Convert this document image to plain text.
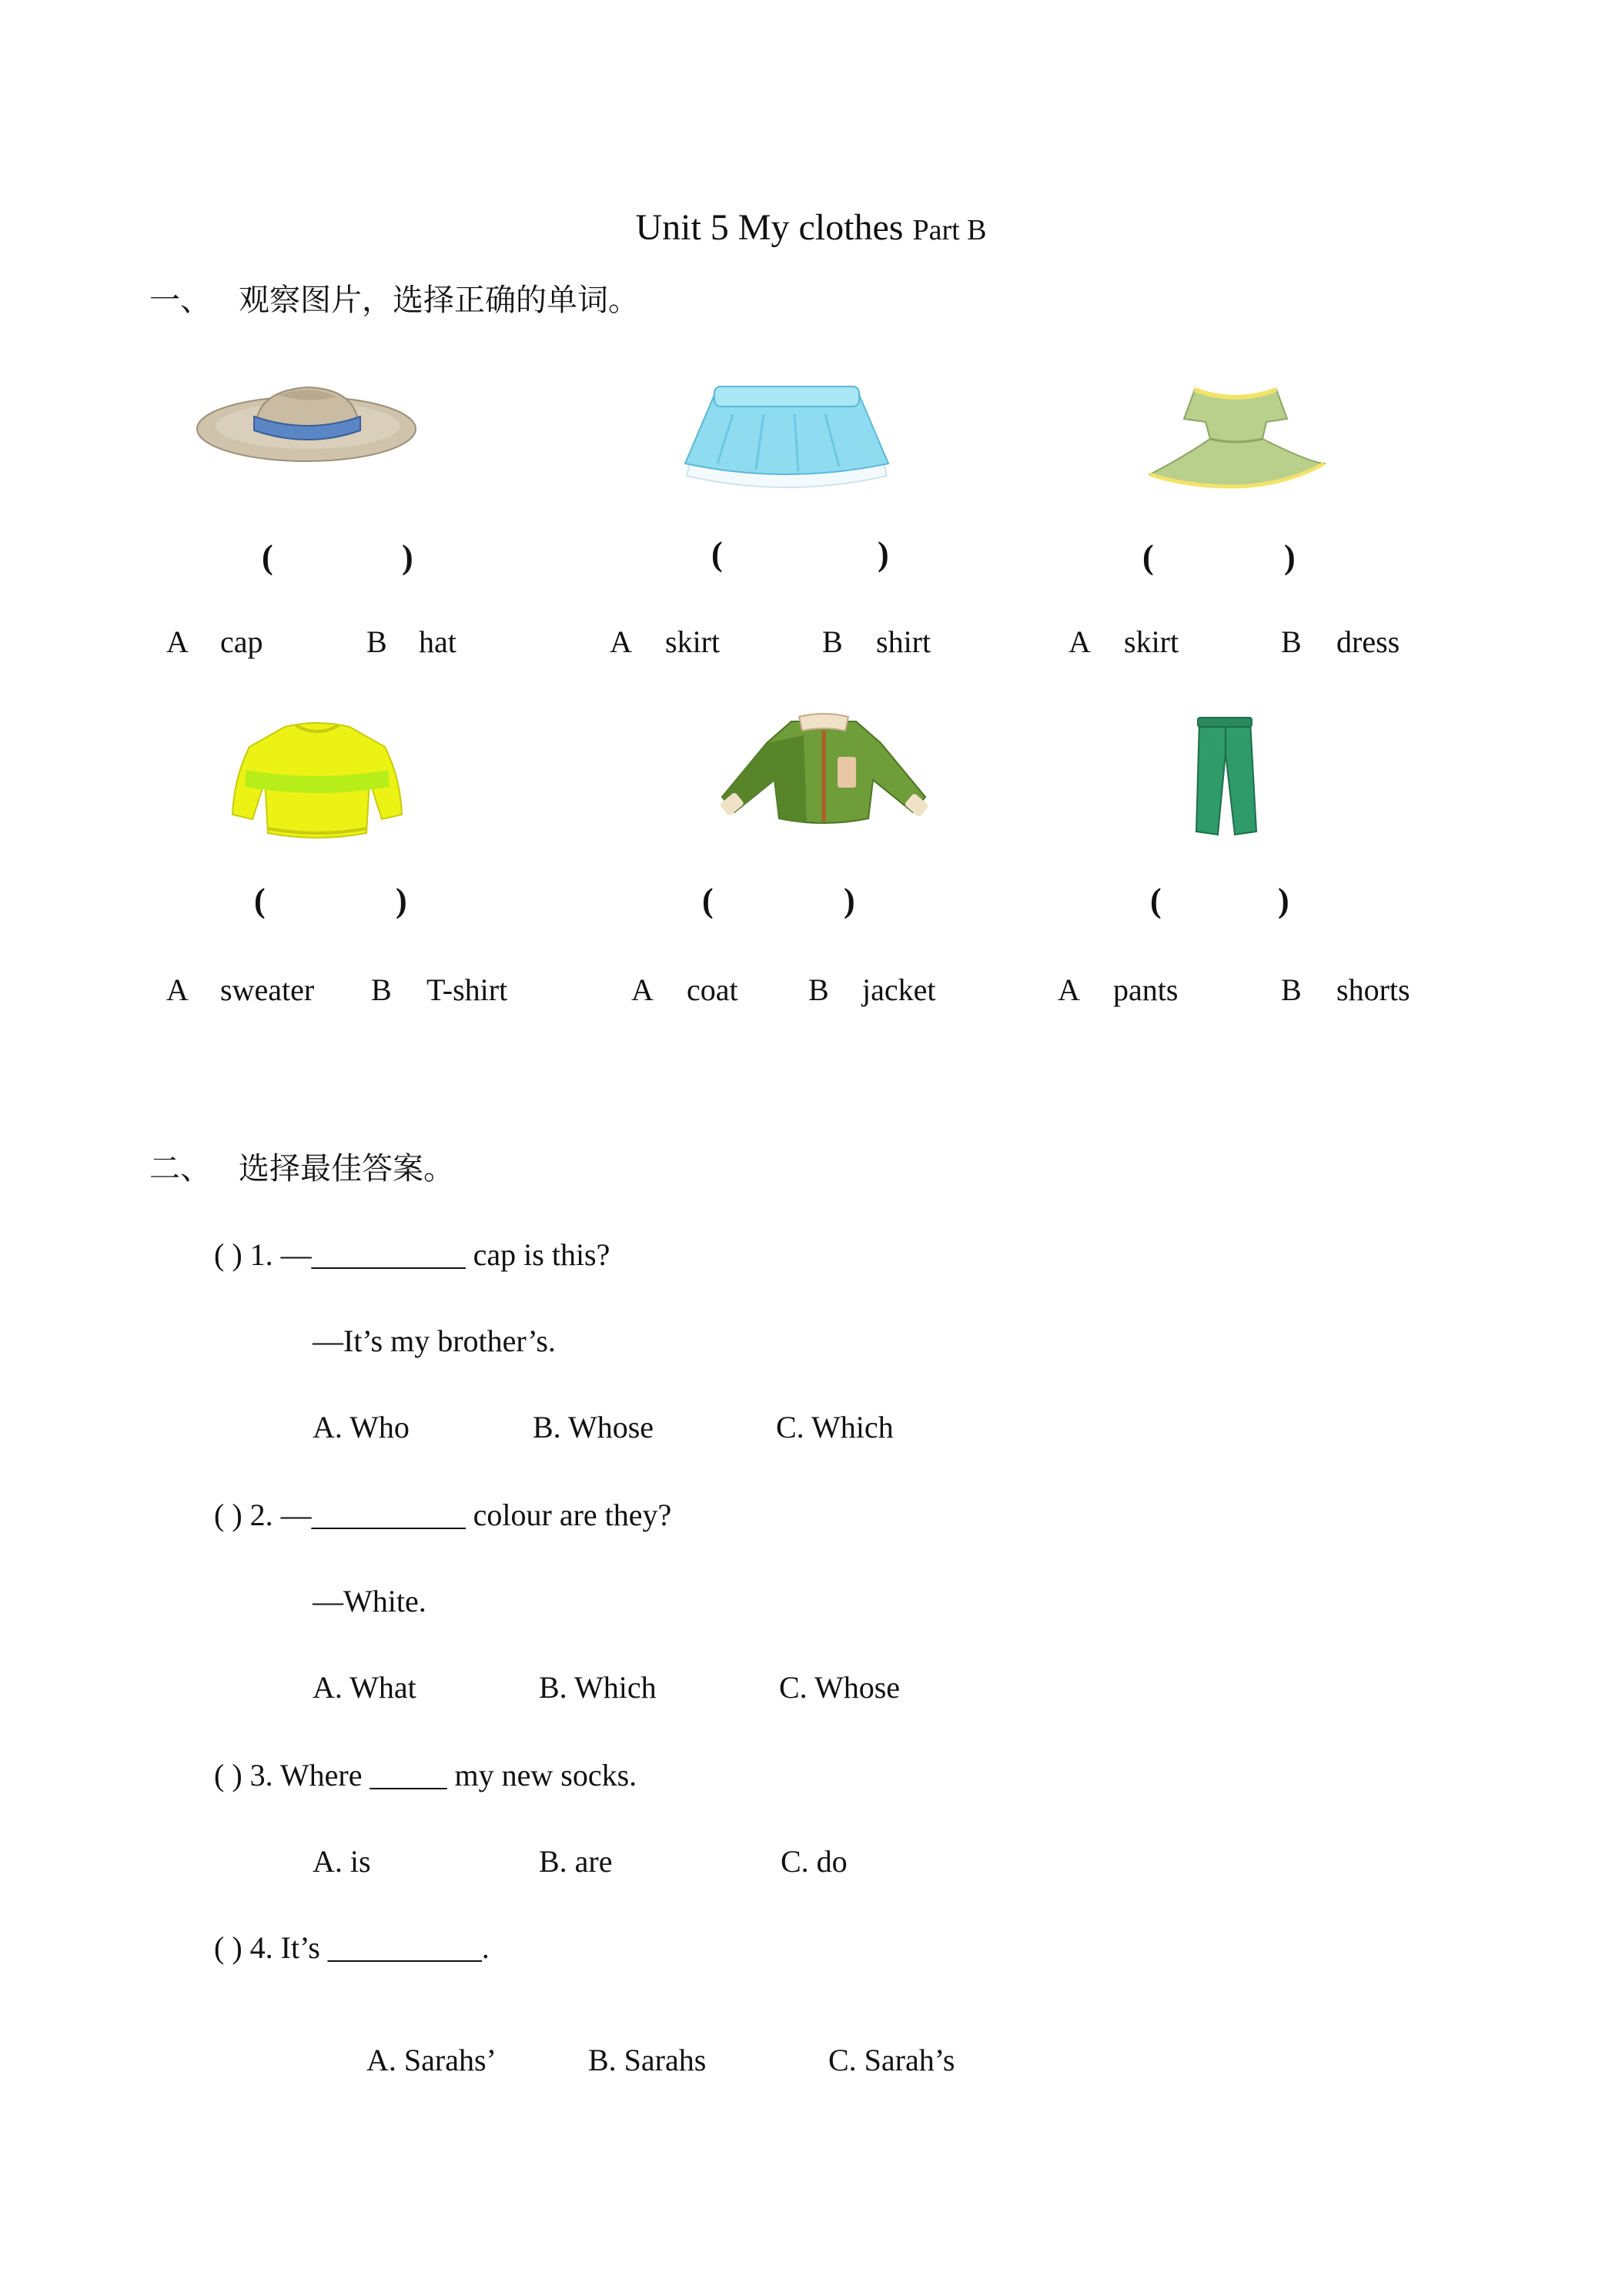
Unit 5 My clothes Part B
一、 观察图片，选择正确的单词。
(	)	(	)	(	)
A cap	B hat	A skirt	B shirt	A skirt	B dress
(	)	(	)	(	)
A sweater B T-shirt	A coat B jacket	A pants	B shorts
二、 选择最佳答案。
( ) 1. —__________ cap is this?
—It’s my brother’s.
A. Who	B. Whose	C. Which
( ) 2. —__________ colour are they?
—White.
A. What	B. Which	C. Whose
( ) 3. Where _____ my new socks.
A. is	B. are	C. do
( ) 4. It’s __________.
A. Sarahs’	B. Sarahs	C. Sarah’s
